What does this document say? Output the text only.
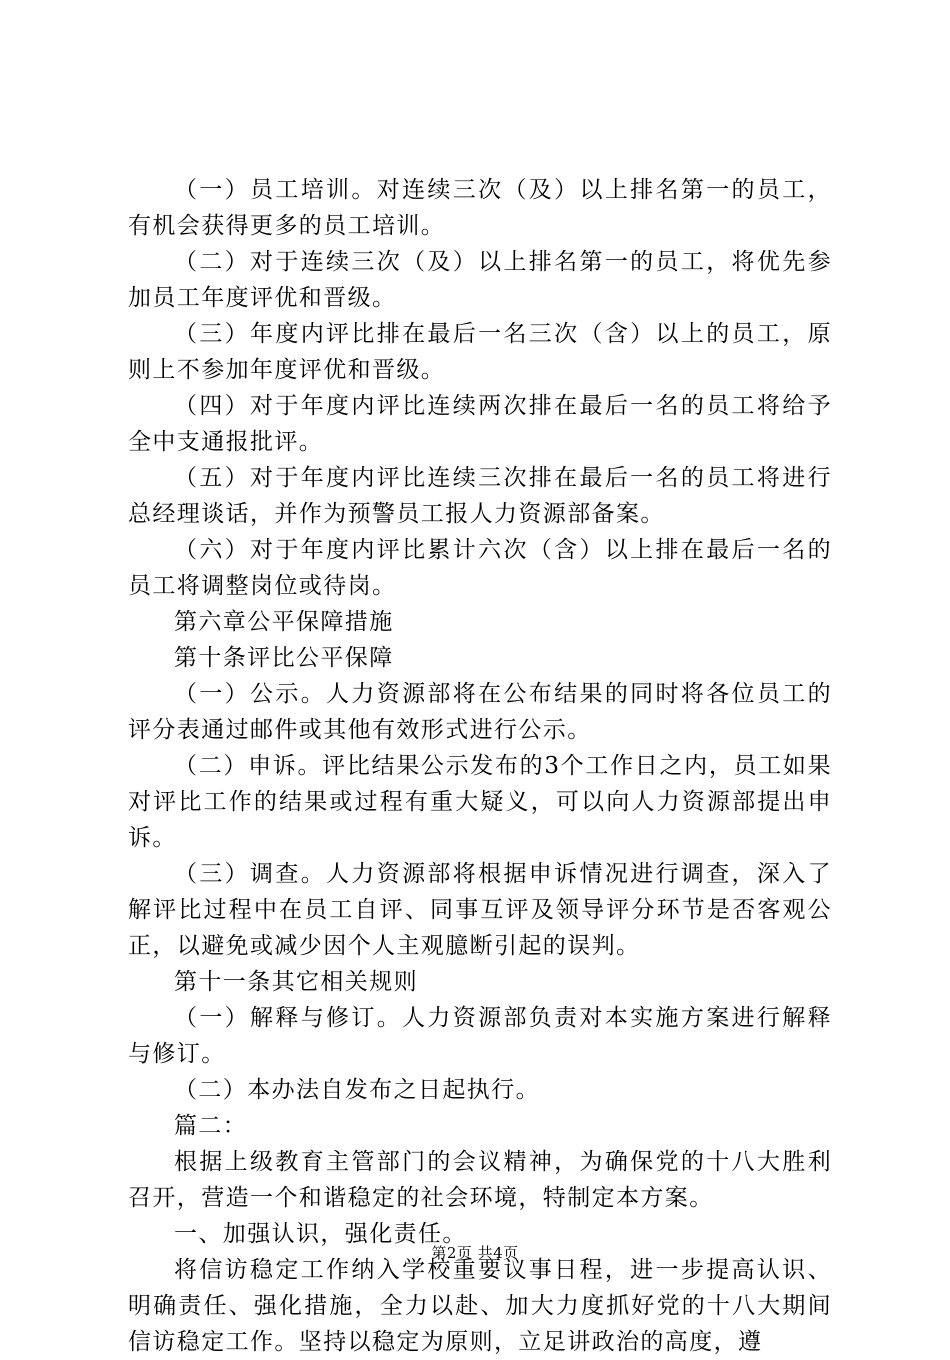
（一）员工培训。对连续三次（及）以上排名第一的员工，有机会获得更多的员工培训。

（二）对于连续三次（及）以上排名第一的员工，将优先参加员工年度评优和晋级。

（三）年度内评比排在最后一名三次（含）以上的员工，原则上不参加年度评优和晋级。

（四）对于年度内评比连续两次排在最后一名的员工将给予全中支通报批评。

（五）对于年度内评比连续三次排在最后一名的员工将进行总经理谈话，并作为预警员工报人力资源部备案。

（六）对于年度内评比累计六次（含）以上排在最后一名的员工将调整岗位或待岗。

第六章公平保障措施

第十条评比公平保障

（一）公示。人力资源部将在公布结果的同时将各位员工的评分表通过邮件或其他有效形式进行公示。

（二）申诉。评比结果公示发布的3个工作日之内，员工如果对评比工作的结果或过程有重大疑义，可以向人力资源部提出申诉。

（三）调查。人力资源部将根据申诉情况进行调查，深入了解评比过程中在员工自评、同事互评及领导评分环节是否客观公正，以避免或减少因个人主观臆断引起的误判。

第十一条其它相关规则

（一）解释与修订。人力资源部负责对本实施方案进行解释与修订。

（二）本办法自发布之日起执行。

篇二：

根据上级教育主管部门的会议精神，为确保党的十八大胜利召开，营造一个和谐稳定的社会环境，特制定本方案。

一、加强认识，强化责任。

将信访稳定工作纳入学校重要议事日程，进一步提高认识、明确责任、强化措施，全力以赴、加大力度抓好党的十八大期间信访稳定工作。坚持以稳定为原则，立足讲政治的高度，遵

第2页 共4页
